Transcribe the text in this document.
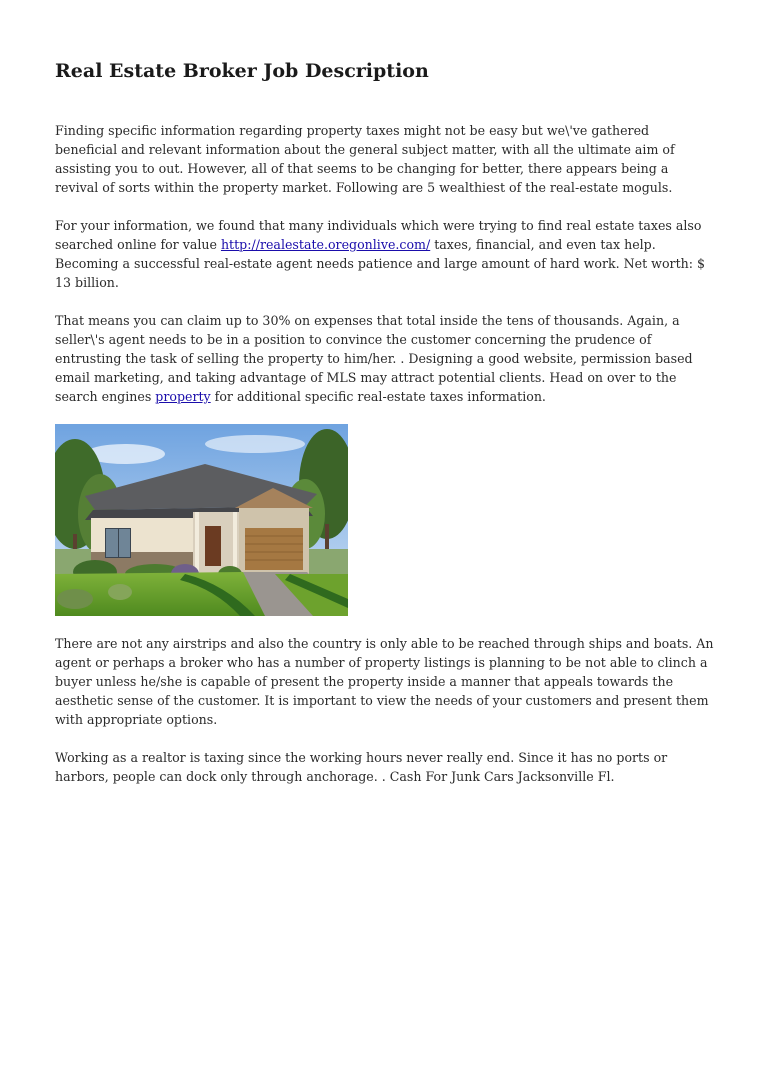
Real Estate Broker Job Description

Finding specific information regarding property taxes might not be easy but we\'ve gathered beneficial and relevant information about the general subject matter, with all the ultimate aim of assisting you to out. However, all of that seems to be changing for better, there appears being a revival of sorts within the property market. Following are 5 wealthiest of the real-estate moguls.

For your information, we found that many individuals which were trying to find real estate taxes also searched online for value http://realestate.oregonlive.com/ taxes, financial, and even tax help. Becoming a successful real-estate agent needs patience and large amount of hard work. Net worth: $ 13 billion.

That means you can claim up to 30% on expenses that total inside the tens of thousands. Again, a seller\'s agent needs to be in a position to convince the customer concerning the prudence of entrusting the task of selling the property to him/her. . Designing a good website, permission based email marketing, and taking advantage of MLS may attract potential clients. Head on over to the search engines property for additional specific real-estate taxes information.

There are not any airstrips and also the country is only able to be reached through ships and boats. An agent or perhaps a broker who has a number of property listings is planning to be not able to clinch a buyer unless he/she is capable of present the property inside a manner that appeals towards the aesthetic sense of the customer. It is important to view the needs of your customers and present them with appropriate options.

Working as a realtor is taxing since the working hours never really end. Since it has no ports or harbors, people can dock only through anchorage. . Cash For Junk Cars Jacksonville Fl.
